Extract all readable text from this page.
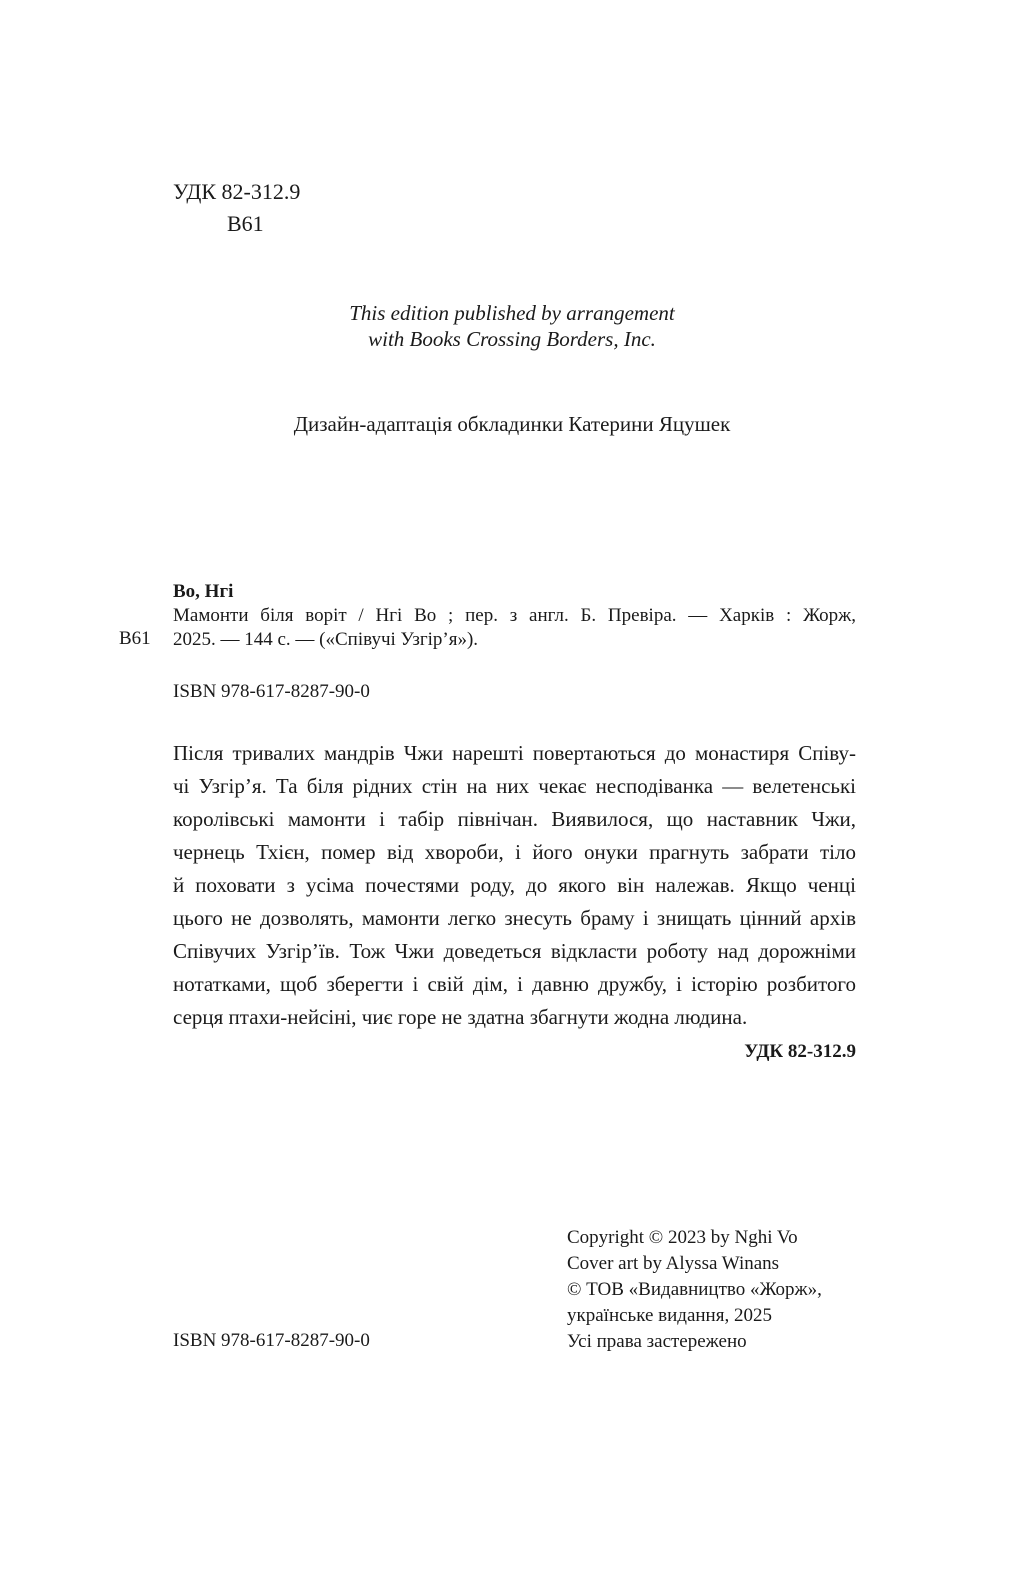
УДК 82-312.9
В61
This edition published by arrangement
with Books Crossing Borders, Inc.
Дизайн-адаптація обкладинки Катерини Яцушек
В61
Во, Нгі
Мамонти біля воріт / Нгі Во ; пер. з англ. Б. Превіра. — Харків : Жорж,
2025. — 144 с. — («Співучі Узгір’я»).
ISBN 978-617-8287-90-0
Після тривалих мандрів Чжи нарешті повертаються до монастиря Співу-
чі Узгір’я. Та біля рідних стін на них чекає несподіванка — велетенські
королівські мамонти і табір північан. Виявилося, що наставник Чжи,
чернець Тхієн, помер від хвороби, і його онуки прагнуть забрати тіло
й поховати з усіма почестями роду, до якого він належав. Якщо ченці
цього не дозволять, мамонти легко знесуть браму і знищать цінний архів
Співучих Узгір’їв. Тож Чжи доведеться відкласти роботу над дорожніми
нотатками, щоб зберегти і свій дім, і давню дружбу, і історію розбитого
серця птахи-нейсіні, чиє горе не здатна збагнути жодна людина.
УДК 82-312.9
Copyright © 2023 by Nghi Vo
Cover art by Alyssa Winans
© ТОВ «Видавництво «Жорж»,
українське видання, 2025
Усі права застережено
ISBN 978-617-8287-90-0
